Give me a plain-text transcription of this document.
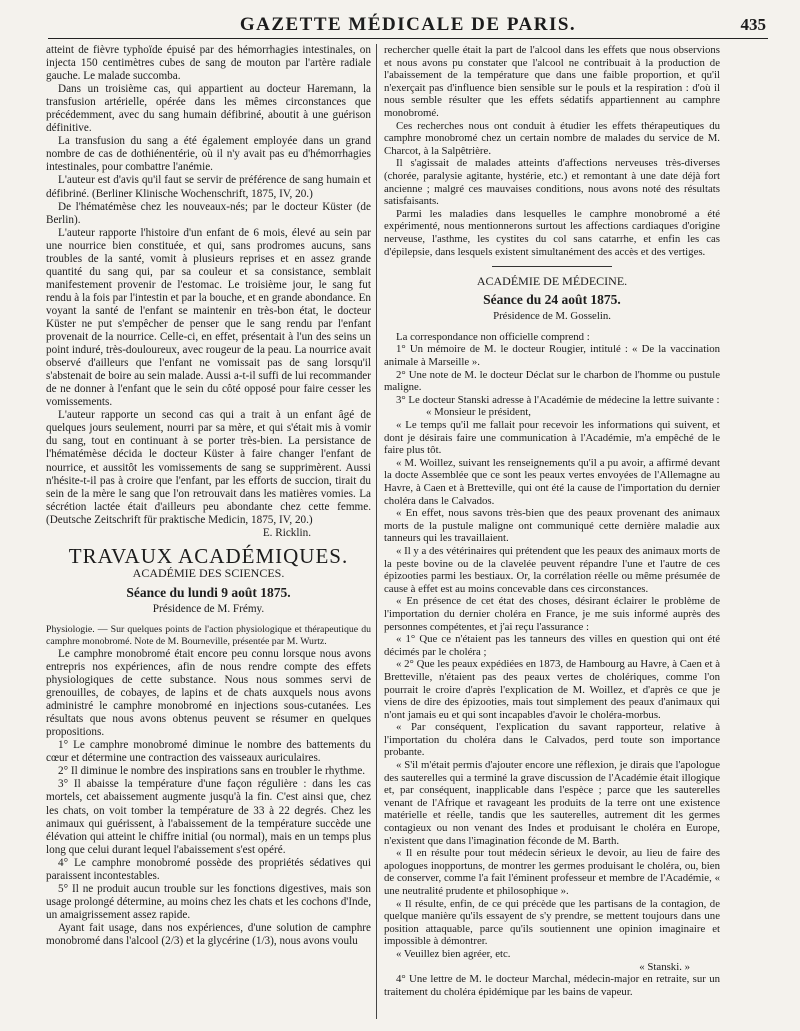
GAZETTE MÉDICALE DE PARIS.	435

atteint de fièvre typhoïde épuisé par des hémorrhagies intestinales, on injecta 150 centimètres cubes de sang de mouton par l'artère radiale gauche. Le malade succomba.

Dans un troisième cas, qui appartient au docteur Haremann, la transfusion artérielle, opérée dans les mêmes circonstances que précédemment, avec du sang humain défibriné, aboutit à une guérison définitive.

La transfusion du sang a été également employée dans un grand nombre de cas de dothiénentérie, où il n'y avait pas eu d'hémorrhagies intestinales, pour combattre l'anémie.

L'auteur est d'avis qu'il faut se servir de préférence de sang humain et défibriné. (Berliner Klinische Wochenschrift, 1875, IV, 20.)

De l'hématémèse chez les nouveaux-nés; par le docteur Küster (de Berlin).

L'auteur rapporte l'histoire d'un enfant de 6 mois, élevé au sein par une nourrice bien constituée, et qui, sans prodromes aucuns, sans troubles de la santé, vomit à plusieurs reprises et en assez grande quantité du sang qui, par sa couleur et sa consistance, semblait manifestement provenir de l'estomac. Le troisième jour, le sang fut rendu à la fois par l'intestin et par la bouche, et en grande abondance. En voyant la santé de l'enfant se maintenir en très-bon état, le docteur Küster ne put s'empêcher de penser que le sang rendu par l'enfant provenait de la nourrice. Celle-ci, en effet, présentait à l'un des seins un point induré, très-douloureux, avec rougeur de la peau. La nourrice avait observé d'ailleurs que l'enfant ne vomissait pas de sang lorsqu'il s'abstenait de boire au sein malade. Aussi a-t-il suffi de lui recommander de ne donner à l'enfant que le sein du côté opposé pour faire cesser les vomissements.

L'auteur rapporte un second cas qui a trait à un enfant âgé de quelques jours seulement, nourri par sa mère, et qui s'était mis à vomir du sang, tout en continuant à se porter très-bien. La persistance de l'hématémèse décida le docteur Küster à faire changer l'enfant de nourrice, et aussitôt les vomissements de sang se supprimèrent. Aussi n'hésite-t-il pas à croire que l'enfant, par les efforts de succion, tirait du sein de la mère le sang que l'on retrouvait dans les matières vomies. La sécrétion lactée était d'ailleurs peu abondante chez cette femme. (Deutsche Zeitschrift für praktische Medicin, 1875, IV, 20.)

E. Ricklin.

TRAVAUX ACADÉMIQUES.
ACADÉMIE DES SCIENCES.
Séance du lundi 9 août 1875.
Présidence de M. Frémy.

Physiologie. — Sur quelques points de l'action physiologique et thérapeutique du camphre monobromé. Note de M. Bourneville, présentée par M. Wurtz.

Le camphre monobromé était encore peu connu lorsque nous avons entrepris nos expériences, afin de nous rendre compte des effets physiologiques de cette substance. Nous nous sommes servi de grenouilles, de cobayes, de lapins et de chats auxquels nous avons administré le camphre monobromé en injections sous-cutanées. Les résultats que nous avons obtenus peuvent se résumer en quelques propositions.

1° Le camphre monobromé diminue le nombre des battements du cœur et détermine une contraction des vaisseaux auriculaires.

2° Il diminue le nombre des inspirations sans en troubler le rhythme.

3° Il abaisse la température d'une façon régulière : dans les cas mortels, cet abaissement augmente jusqu'à la fin. C'est ainsi que, chez les chats, on voit tomber la température de 33 à 22 degrés. Chez les animaux qui guérissent, à l'abaissement de la température succède une élévation qui atteint le chiffre initial (ou normal), mais en un temps plus long que celui durant lequel l'abaissement s'est opéré.

4° Le camphre monobromé possède des propriétés sédatives qui paraissent incontestables.

5° Il ne produit aucun trouble sur les fonctions digestives, mais son usage prolongé détermine, au moins chez les chats et les cochons d'Inde, un amaigrissement assez rapide.

Ayant fait usage, dans nos expériences, d'une solution de camphre monobromé dans l'alcool (2/3) et la glycérine (1/3), nous avons voulu

rechercher quelle était la part de l'alcool dans les effets que nous observions et nous avons pu constater que l'alcool ne contribuait à la production de l'abaissement de la température que dans une faible proportion, et qu'il n'exerçait pas d'influence bien sensible sur le pouls et la respiration : d'où il nous semble résulter que les effets sédatifs appartiennent au camphre monobromé.

Ces recherches nous ont conduit à étudier les effets thérapeutiques du camphre monobromé chez un certain nombre de malades du service de M. Charcot, à la Salpêtrière.

Il s'agissait de malades atteints d'affections nerveuses très-diverses (chorée, paralysie agitante, hystérie, etc.) et remontant à une date déjà fort ancienne ; malgré ces mauvaises conditions, nous avons noté des résultats satisfaisants.

Parmi les maladies dans lesquelles le camphre monobromé a été expérimenté, nous mentionnerons surtout les affections cardiaques d'origine nerveuse, l'asthme, les cystites du col sans catarrhe, et enfin les cas d'épilepsie, dans lesquels existent simultanément des accès et des vertiges.

ACADÉMIE DE MÉDECINE.
Séance du 24 août 1875.
Présidence de M. Gosselin.

La correspondance non officielle comprend :

1° Un mémoire de M. le docteur Rougier, intitulé : « De la vaccination animale à Marseille ».

2° Une note de M. le docteur Déclat sur le charbon de l'homme ou pustule maligne.

3° Le docteur Stanski adresse à l'Académie de médecine la lettre suivante :

« Monsieur le président,

« Le temps qu'il me fallait pour recevoir les informations qui suivent, et dont je désirais faire une communication à l'Académie, m'a empêché de le faire plus tôt.

« M. Woillez, suivant les renseignements qu'il a pu avoir, a affirmé devant la docte Assemblée que ce sont les peaux vertes envoyées de l'Allemagne au Havre, à Caen et à Bretteville, qui ont été la cause de l'importation du dernier choléra dans le Calvados.

« En effet, nous savons très-bien que des peaux provenant des animaux morts de la pustule maligne ont communiqué cette dernière maladie aux tanneurs qui les travaillaient.

« Il y a des vétérinaires qui prétendent que les peaux des animaux morts de la peste bovine ou de la clavelée peuvent répandre l'une et l'autre de ces épizooties parmi les bestiaux. Or, la corrélation réelle ou même présumée de cause à effet est au moins concevable dans ces circonstances.

« En présence de cet état des choses, désirant éclairer le problème de l'importation du dernier choléra en France, je me suis informé auprès des personnes compétentes, et j'ai reçu l'assurance :

« 1° Que ce n'étaient pas les tanneurs des villes en question qui ont été décimés par le choléra ;

« 2° Que les peaux expédiées en 1873, de Hambourg au Havre, à Caen et à Bretteville, n'étaient pas des peaux vertes de cholériques, comme l'on pourrait le croire d'après l'explication de M. Woillez, et d'après ce que je viens de dire des épizooties, mais tout simplement des peaux d'animaux qui n'ont jamais eu et qui sont incapables d'avoir le choléra-morbus.

« Par conséquent, l'explication du savant rapporteur, relative à l'importation du choléra dans le Calvados, perd toute son importance probante.

« S'il m'était permis d'ajouter encore une réflexion, je dirais que l'apologue des sauterelles qui a terminé la grave discussion de l'Académie était illogique et, par conséquent, inapplicable dans l'espèce ; parce que les sauterelles venant de l'Afrique et ravageant les produits de la terre ont une existence matérielle et réelle, tandis que les sauterelles, autrement dit les germes contagieux ou non venant des Indes et produisant le choléra en Europe, n'existent que dans l'imagination féconde de M. Barth.

« Il en résulte pour tout médecin sérieux le devoir, au lieu de faire des apologues inopportuns, de montrer les germes produisant le choléra, ou, bien de conserver, comme l'a fait l'éminent professeur et membre de l'Académie, « une neutralité prudente et philosophique ».

« Il résulte, enfin, de ce qui précède que les partisans de la contagion, de quelque manière qu'ils essayent de s'y prendre, se mettent toujours dans une position attaquable, parce qu'ils soutiennent une opinion imaginaire et impossible à démontrer.

« Veuillez bien agréer, etc.

« Stanski. »

4° Une lettre de M. le docteur Marchal, médecin-major en retraite, sur un traitement du choléra épidémique par les bains de vapeur.
